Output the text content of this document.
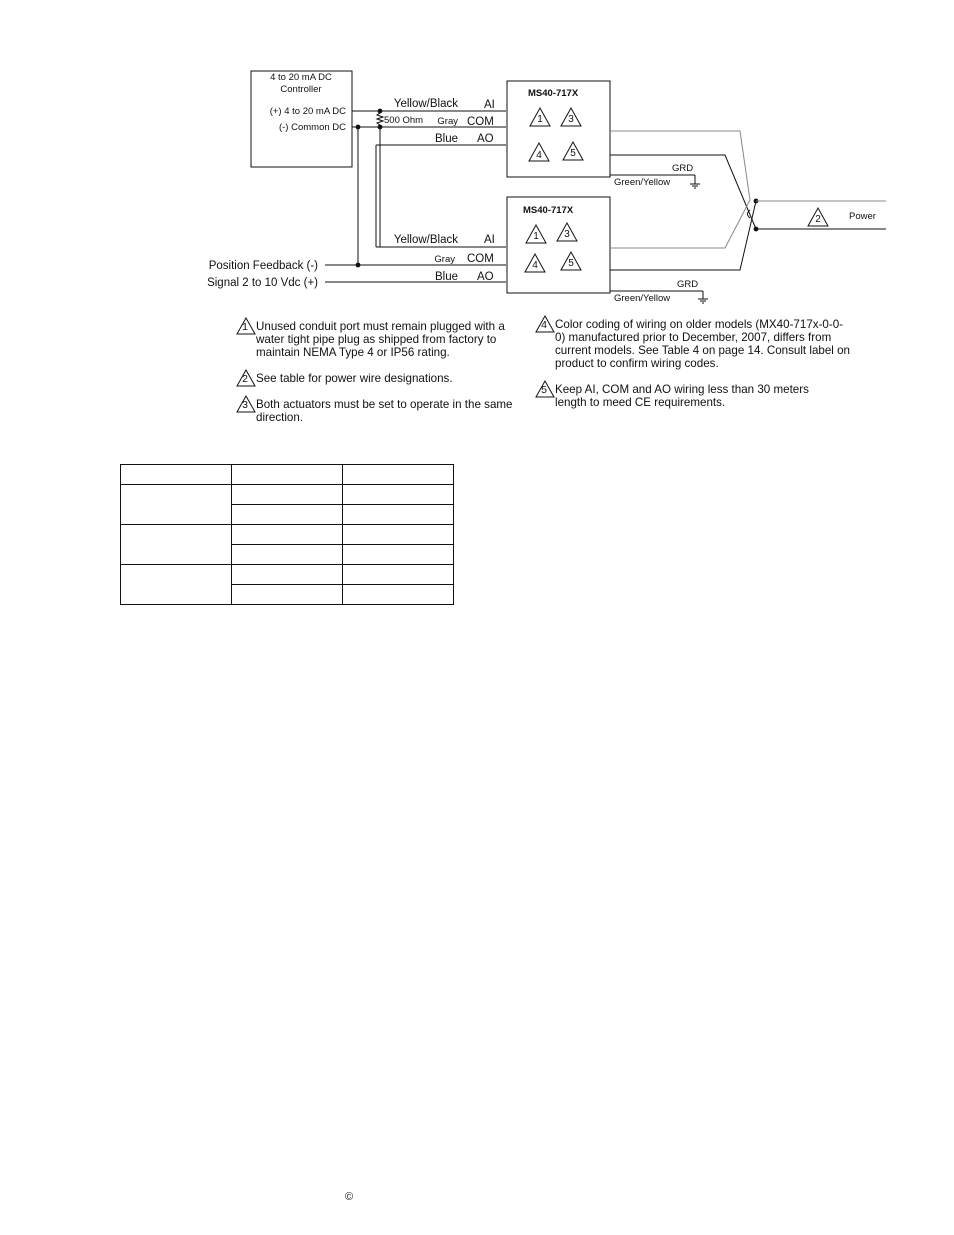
4 to 20 mA DC
Controller
(+) 4 to 20 mA DC
(-) Common DC
500 Ohm
Yellow/Black AI
Gray COM
Blue AO
MS40-717X
1	3
4	5
GRD
Green/Yellow
Yellow/Black AI
Gray COM
Blue AO
Position Feedback (-)
Signal 2 to 10 Vdc (+)
MS40-717X
1	3
4	5
GRD
Green/Yellow
2	Power
1 Unused conduit port must remain plugged with a water tight pipe plug as shipped from factory to maintain NEMA Type 4 or IP56 rating.
2 See table for power wire designations.
3 Both actuators must be set to operate in the same direction.
4 Color coding of wiring on older models (MX40-717x-0-0-0) manufactured prior to December, 2007, differs from current models. See Table 4 on page 14. Consult label on product to confirm wiring codes.
5 Keep AI, COM and AO wiring less than 30 meters length to meed CE requirements.

©
